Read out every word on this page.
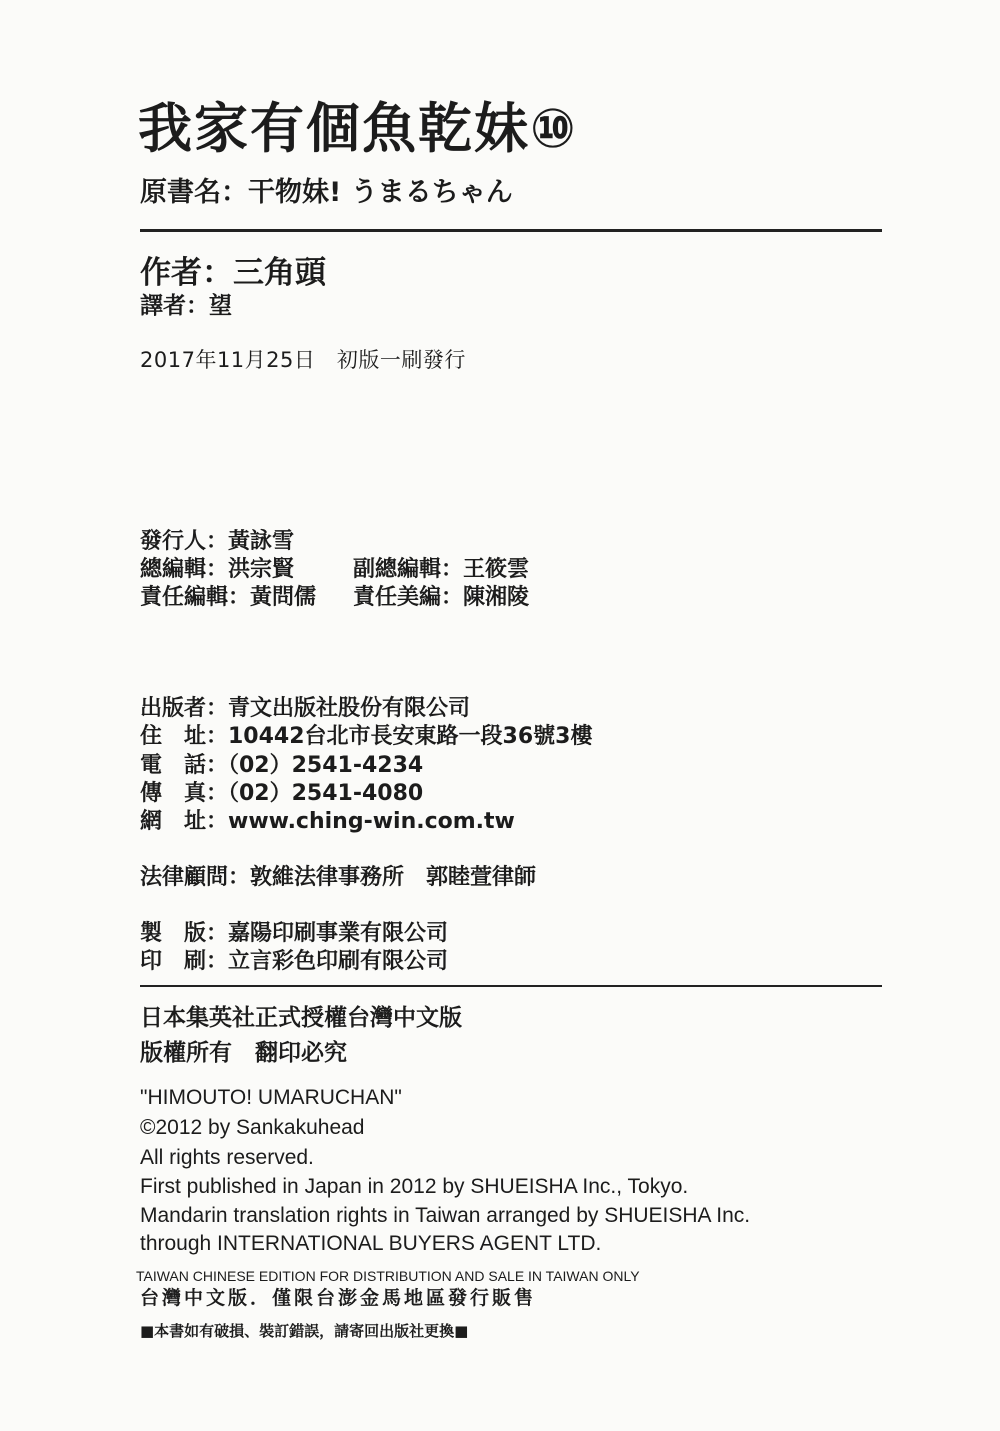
我家有個魚乾妹⑩
原書名：干物妹! うまるちゃん
作者：三角頭
譯者：望
2017年11月25日　初版一刷發行
發行人：黃詠雪
總編輯：洪宗賢	副總編輯：王筱雲
責任編輯：黃問儒 責任美編：陳湘陵
出版者：青文出版社股份有限公司
住　址：10442台北市長安東路一段36號3樓
電　話：（02）2541-4234
傳　真：（02）2541-4080
網　址：www.ching-win.com.tw
法律顧問：敦維法律事務所　郭睦萱律師
製　版：嘉陽印刷事業有限公司
印　刷：立言彩色印刷有限公司
日本集英社正式授權台灣中文版
版權所有　翻印必究
"HIMOUTO! UMARUCHAN"
©2012 by Sankakuhead
All rights reserved.
First published in Japan in 2012 by SHUEISHA Inc., Tokyo.
Mandarin translation rights in Taiwan arranged by SHUEISHA Inc.
through INTERNATIONAL BUYERS AGENT LTD.
TAIWAN CHINESE EDITION FOR DISTRIBUTION AND SALE IN TAIWAN ONLY
台灣中文版．僅限台澎金馬地區發行販售
■本書如有破損、裝訂錯誤，請寄回出版社更換■
